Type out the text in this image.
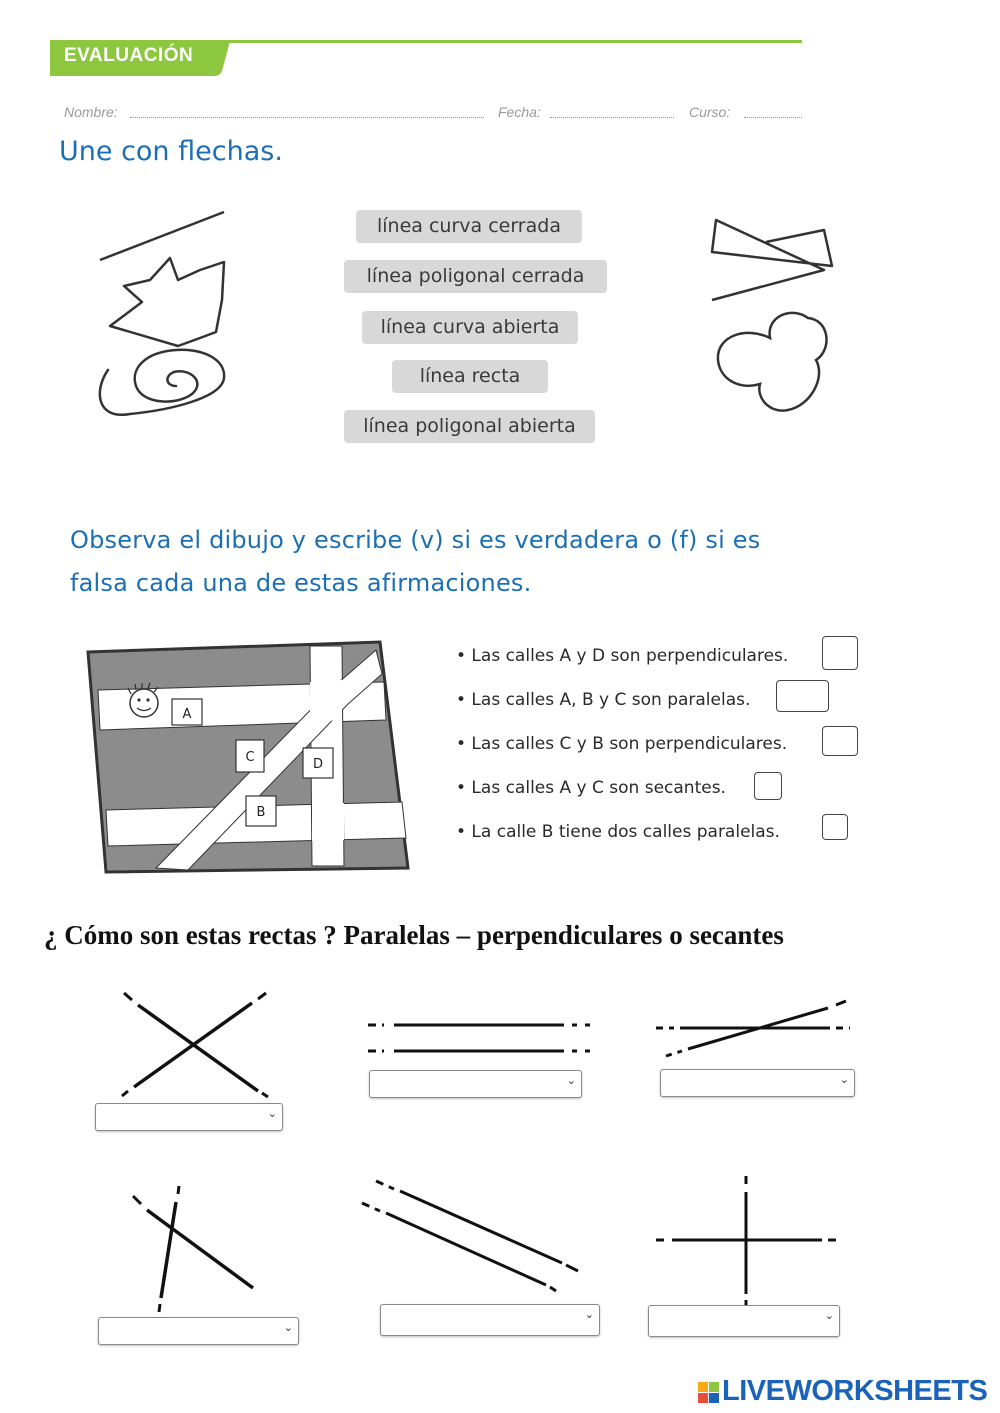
EVALUACIÓN
Nombre:	Fecha:	Curso:
Une con flechas.
línea curva cerrada
línea poligonal cerrada
línea curva abierta
línea recta
línea poligonal abierta
Observa el dibujo y escribe (v) si es verdadera o (f) si es
falsa cada una de estas afirmaciones.
A
C	D
B
• Las calles A y D son perpendiculares.
• Las calles A, B y C son paralelas.
• Las calles C y B son perpendiculares.
• Las calles A y C son secantes.
• La calle B tiene dos calles paralelas.
¿ Cómo son estas rectas ? Paralelas – perpendiculares o secantes
⌄
⌄	⌄
⌄
⌄	⌄
LIVEWORKSHEETS
